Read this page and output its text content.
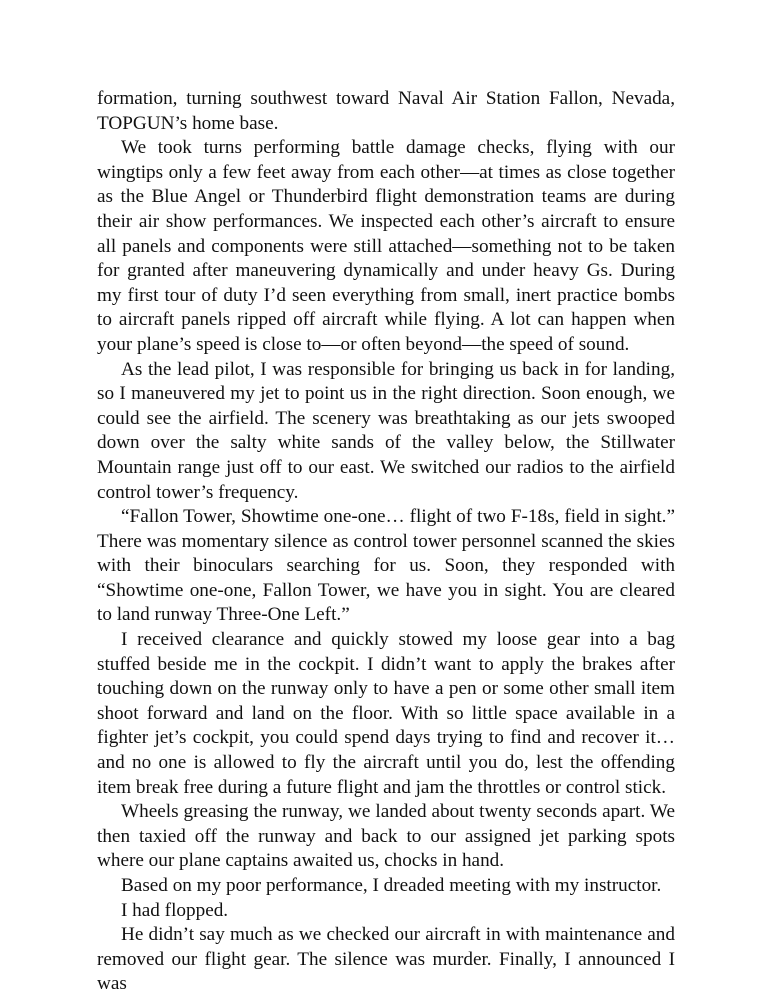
formation, turning southwest toward Naval Air Station Fallon, Nevada, TOPGUN’s home base.

We took turns performing battle damage checks, flying with our wingtips only a few feet away from each other—at times as close together as the Blue Angel or Thunderbird flight demonstration teams are during their air show performances. We inspected each other’s aircraft to ensure all panels and components were still attached—something not to be taken for granted after maneuvering dynamically and under heavy Gs. During my first tour of duty I’d seen everything from small, inert practice bombs to aircraft panels ripped off aircraft while flying. A lot can happen when your plane’s speed is close to—or often beyond—the speed of sound.

As the lead pilot, I was responsible for bringing us back in for landing, so I maneuvered my jet to point us in the right direction. Soon enough, we could see the airfield. The scenery was breathtaking as our jets swooped down over the salty white sands of the valley below, the Stillwater Mountain range just off to our east. We switched our radios to the airfield control tower’s frequency.

“Fallon Tower, Showtime one-one… flight of two F-18s, field in sight.” There was momentary silence as control tower personnel scanned the skies with their binoculars searching for us. Soon, they responded with “Showtime one-one, Fallon Tower, we have you in sight. You are cleared to land runway Three-One Left.”

I received clearance and quickly stowed my loose gear into a bag stuffed beside me in the cockpit. I didn’t want to apply the brakes after touching down on the runway only to have a pen or some other small item shoot forward and land on the floor. With so little space available in a fighter jet’s cockpit, you could spend days trying to find and recover it… and no one is allowed to fly the aircraft until you do, lest the offending item break free during a future flight and jam the throttles or control stick.

Wheels greasing the runway, we landed about twenty seconds apart. We then taxied off the runway and back to our assigned jet parking spots where our plane captains awaited us, chocks in hand.

Based on my poor performance, I dreaded meeting with my instructor.

I had flopped.

He didn’t say much as we checked our aircraft in with maintenance and removed our flight gear. The silence was murder. Finally, I announced I was
